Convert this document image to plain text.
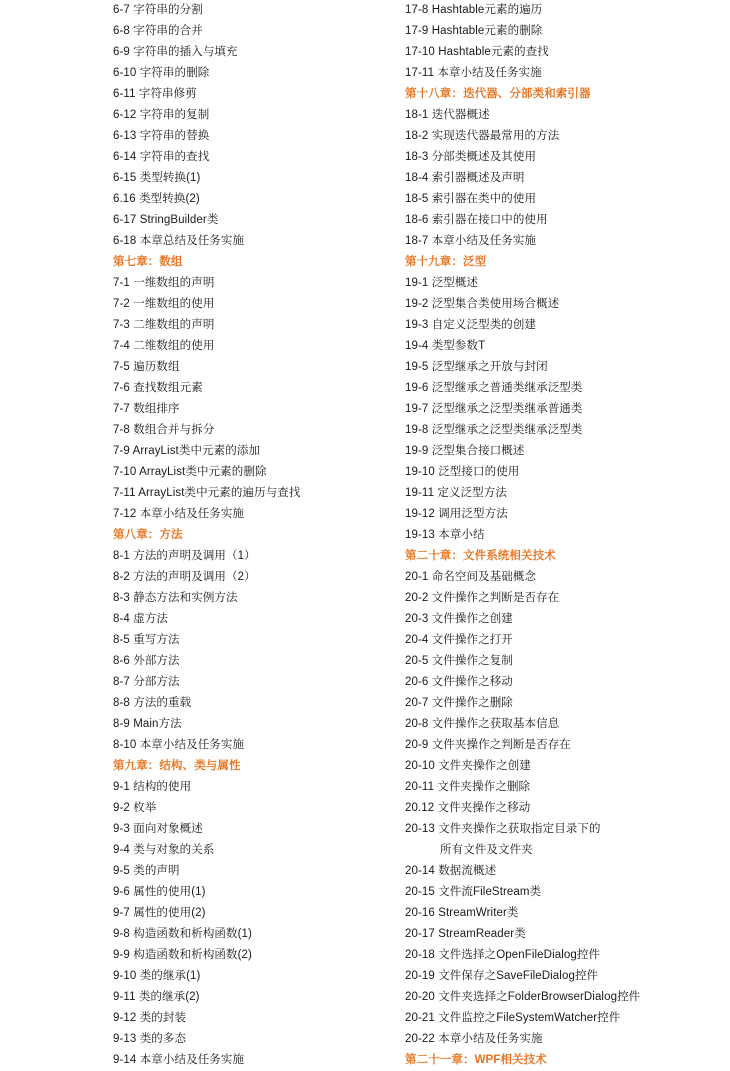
6-7 字符串的分割
6-8 字符串的合并
6-9 字符串的插入与填充
6-10 字符串的删除
6-11 字符串修剪
6-12 字符串的复制
6-13 字符串的替换
6-14 字符串的查找
6-15 类型转换(1)
6.16 类型转换(2)
6-17 StringBuilder类
6-18 本章总结及任务实施
第七章：数组
7-1 一维数组的声明
7-2 一维数组的使用
7-3 二维数组的声明
7-4 二维数组的使用
7-5 遍历数组
7-6 查找数组元素
7-7 数组排序
7-8 数组合并与拆分
7-9 ArrayList类中元素的添加
7-10 ArrayList类中元素的删除
7-11 ArrayList类中元素的遍历与查找
7-12 本章小结及任务实施
第八章：方法
8-1 方法的声明及调用（1）
8-2 方法的声明及调用（2）
8-3 静态方法和实例方法
8-4 虚方法
8-5 重写方法
8-6 外部方法
8-7 分部方法
8-8 方法的重载
8-9 Main方法
8-10 本章小结及任务实施
第九章：结构、类与属性
9-1 结构的使用
9-2 枚举
9-3 面向对象概述
9-4 类与对象的关系
9-5 类的声明
9-6 属性的使用(1)
9-7 属性的使用(2)
9-8 构造函数和析构函数(1)
9-9 构造函数和析构函数(2)
9-10 类的继承(1)
9-11 类的继承(2)
9-12 类的封装
9-13 类的多态
9-14 本章小结及任务实施
17-8 Hashtable元素的遍历
17-9 Hashtable元素的删除
17-10 Hashtable元素的查找
17-11 本章小结及任务实施
第十八章：迭代器、分部类和索引器
18-1 迭代器概述
18-2 实现迭代器最常用的方法
18-3 分部类概述及其使用
18-4 索引器概述及声明
18-5 索引器在类中的使用
18-6 索引器在接口中的使用
18-7 本章小结及任务实施
第十九章：泛型
19-1 泛型概述
19-2 泛型集合类使用场合概述
19-3 自定义泛型类的创建
19-4 类型参数T
19-5 泛型继承之开放与封闭
19-6 泛型继承之普通类继承泛型类
19-7 泛型继承之泛型类继承普通类
19-8 泛型继承之泛型类继承泛型类
19-9 泛型集合接口概述
19-10 泛型接口的使用
19-11 定义泛型方法
19-12 调用泛型方法
19-13 本章小结
第二十章：文件系统相关技术
20-1 命名空间及基础概念
20-2 文件操作之判断是否存在
20-3 文件操作之创建
20-4 文件操作之打开
20-5 文件操作之复制
20-6 文件操作之移动
20-7 文件操作之删除
20-8 文件操作之获取基本信息
20-9 文件夹操作之判断是否存在
20-10 文件夹操作之创建
20-11 文件夹操作之删除
20.12 文件夹操作之移动
20-13 文件夹操作之获取指定目录下的
所有文件及文件夹
20-14 数据流概述
20-15 文件流FileStream类
20-16 StreamWriter类
20-17 StreamReader类
20-18 文件选择之OpenFileDialog控件
20-19 文件保存之SaveFileDialog控件
20-20 文件夹选择之FolderBrowserDialog控件
20-21 文件监控之FileSystemWatcher控件
20-22 本章小结及任务实施
第二十一章：WPF相关技术
